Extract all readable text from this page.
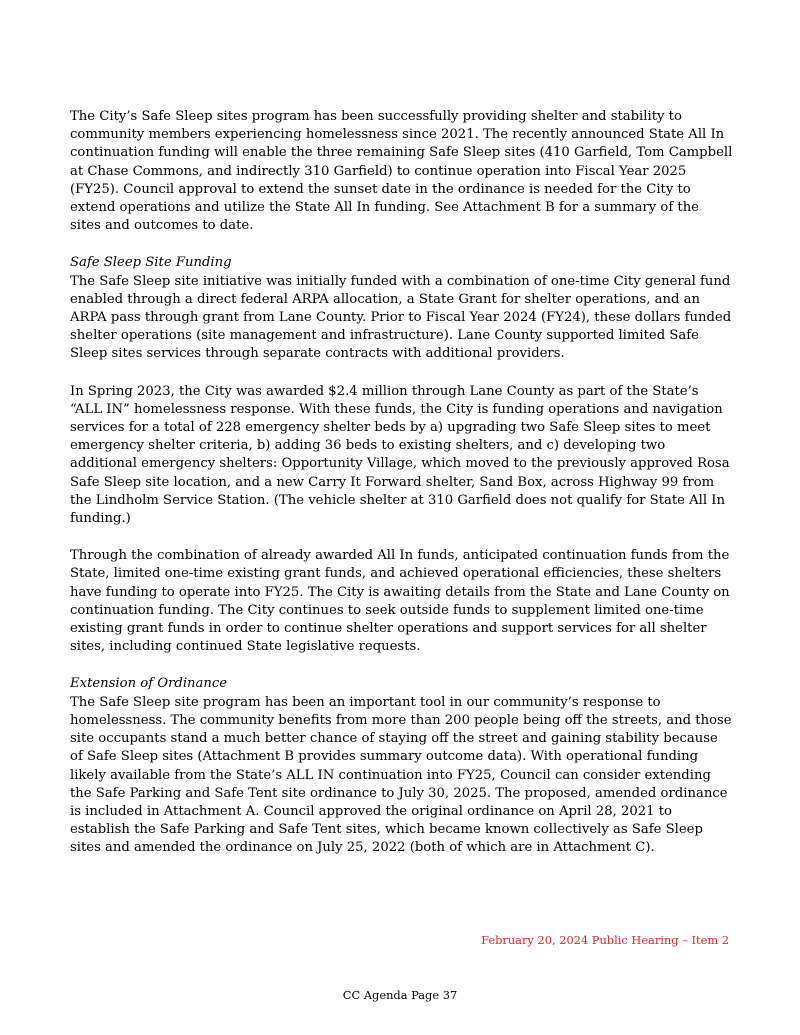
The City’s Safe Sleep sites program has been successfully providing shelter and stability to community members experiencing homelessness since 2021. The recently announced State All In continuation funding will enable the three remaining Safe Sleep sites (410 Garfield, Tom Campbell at Chase Commons, and indirectly 310 Garfield) to continue operation into Fiscal Year 2025 (FY25). Council approval to extend the sunset date in the ordinance is needed for the City to extend operations and utilize the State All In funding. See Attachment B for a summary of the sites and outcomes to date.

Safe Sleep Site Funding

The Safe Sleep site initiative was initially funded with a combination of one-time City general fund enabled through a direct federal ARPA allocation, a State Grant for shelter operations, and an ARPA pass through grant from Lane County. Prior to Fiscal Year 2024 (FY24), these dollars funded shelter operations (site management and infrastructure). Lane County supported limited Safe Sleep sites services through separate contracts with additional providers.

In Spring 2023, the City was awarded $2.4 million through Lane County as part of the State’s “ALL IN” homelessness response. With these funds, the City is funding operations and navigation services for a total of 228 emergency shelter beds by a) upgrading two Safe Sleep sites to meet emergency shelter criteria, b) adding 36 beds to existing shelters, and c) developing two additional emergency shelters: Opportunity Village, which moved to the previously approved Rosa Safe Sleep site location, and a new Carry It Forward shelter, Sand Box, across Highway 99 from the Lindholm Service Station. (The vehicle shelter at 310 Garfield does not qualify for State All In funding.)

Through the combination of already awarded All In funds, anticipated continuation funds from the State, limited one-time existing grant funds, and achieved operational efficiencies, these shelters have funding to operate into FY25. The City is awaiting details from the State and Lane County on continuation funding. The City continues to seek outside funds to supplement limited one-time existing grant funds in order to continue shelter operations and support services for all shelter sites, including continued State legislative requests.

Extension of Ordinance

The Safe Sleep site program has been an important tool in our community’s response to homelessness. The community benefits from more than 200 people being off the streets, and those site occupants stand a much better chance of staying off the street and gaining stability because of Safe Sleep sites (Attachment B provides summary outcome data). With operational funding likely available from the State’s ALL IN continuation into FY25, Council can consider extending the Safe Parking and Safe Tent site ordinance to July 30, 2025. The proposed, amended ordinance is included in Attachment A. Council approved the original ordinance on April 28, 2021 to establish the Safe Parking and Safe Tent sites, which became known collectively as Safe Sleep sites and amended the ordinance on July 25, 2022 (both of which are in Attachment C).

February 20, 2024 Public Hearing – Item 2
CC Agenda Page 37
